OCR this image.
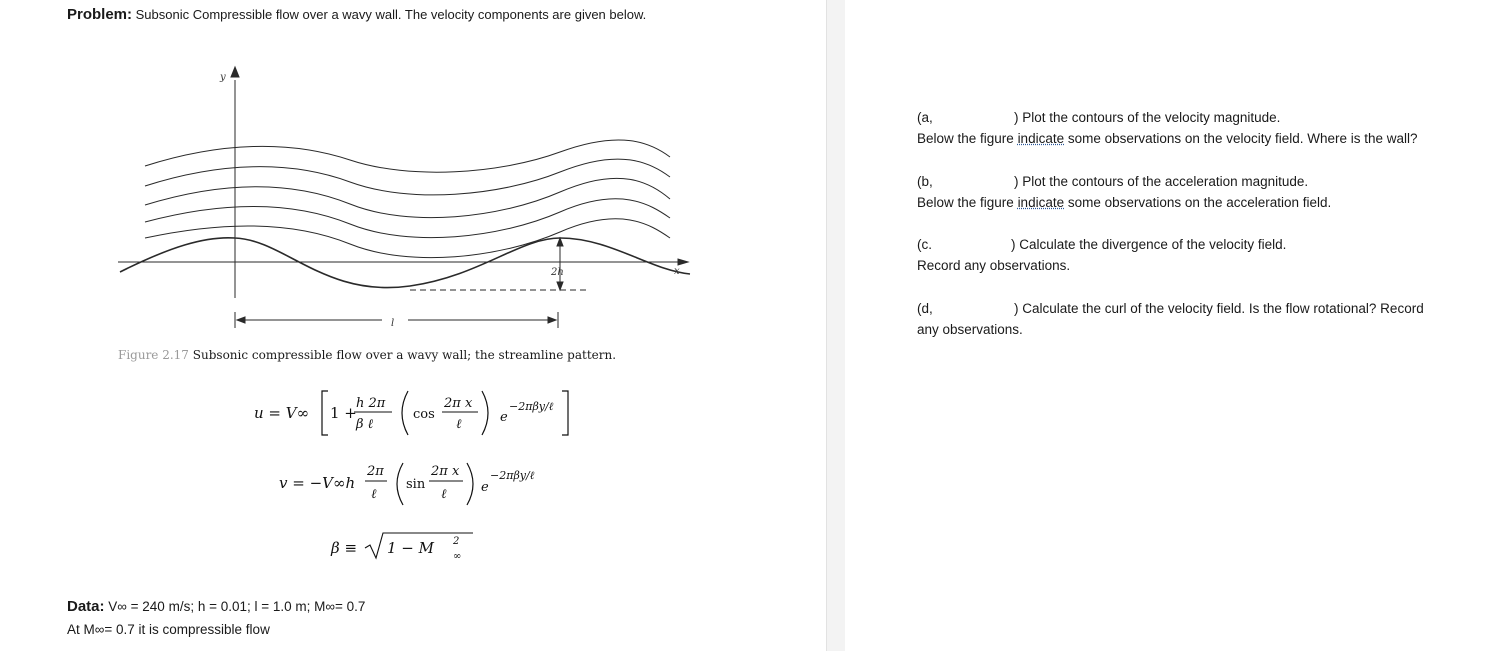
Problem: Subsonic Compressible flow over a wavy wall. The velocity components are given below.
y
x
2h
l
Figure 2.17 Subsonic compressible flow over a wavy wall; the streamline pattern.
u = V∞ 1 +
h 2π
β ℓ
cos
2π x
ℓ	e
−2πβy/ℓ
v = −V∞h
2π
ℓ
sin
2π x
ℓ	e
−2πβy/ℓ
β ≡ 1 − M 2
∞
Data: V∞ = 240 m/s; h = 0.01; l = 1.0 m; M∞= 0.7
At M∞= 0.7 it is compressible flow
(a,	) Plot the contours of the velocity magnitude.
Below the figure indicate some observations on the velocity field. Where is the wall?
(b,	) Plot the contours of the acceleration magnitude.
Below the figure indicate some observations on the acceleration field.
(c.	) Calculate the divergence of the velocity field.
Record any observations.
(d,	) Calculate the curl of the velocity field. Is the flow rotational? Record
any observations.
